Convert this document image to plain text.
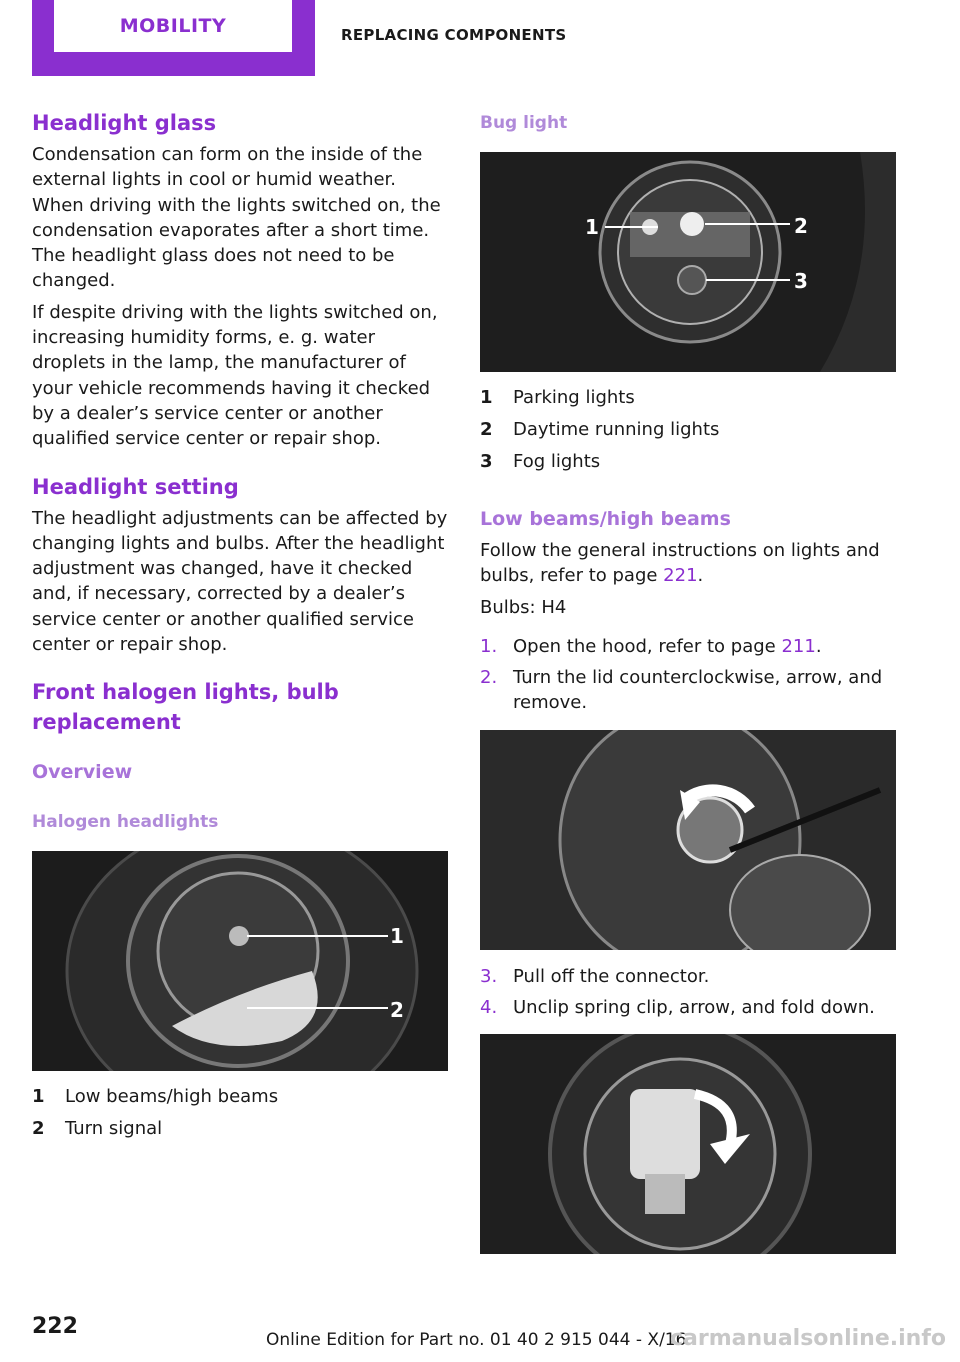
MOBILITY	REPLACING COMPONENTS
Headlight glass

Condensation can form on the inside of the external lights in cool or humid weather. When driving with the lights switched on, the condensation evaporates after a short time. The headlight glass does not need to be changed.

If despite driving with the lights switched on, increasing humidity forms, e. g. water droplets in the lamp, the manufacturer of your vehicle recommends having it checked by a dealer’s service center or another qualified service center or repair shop.

Headlight setting

The headlight adjustments can be affected by changing lights and bulbs. After the headlight adjustment was changed, have it checked and, if necessary, corrected by a dealer’s service center or another qualified service center or repair shop.

Front halogen lights, bulb replacement
Overview
Halogen headlights
1
2
1	Low beams/high beams
2	Turn signal
Bug light
1	2
3
1	Parking lights
2	Daytime running lights
3	Fog lights
Low beams/high beams

Follow the general instructions on lights and bulbs, refer to page 221.

Bulbs: H4

1. Open the hood, refer to page 211.
2. Turn the lid counterclockwise, arrow, and remove.
3. Pull off the connector.
4. Unclip spring clip, arrow, and fold down.
222
Online Edition for Part no. 01 40 2 915 044 - X/16
carmanualsonline.info
